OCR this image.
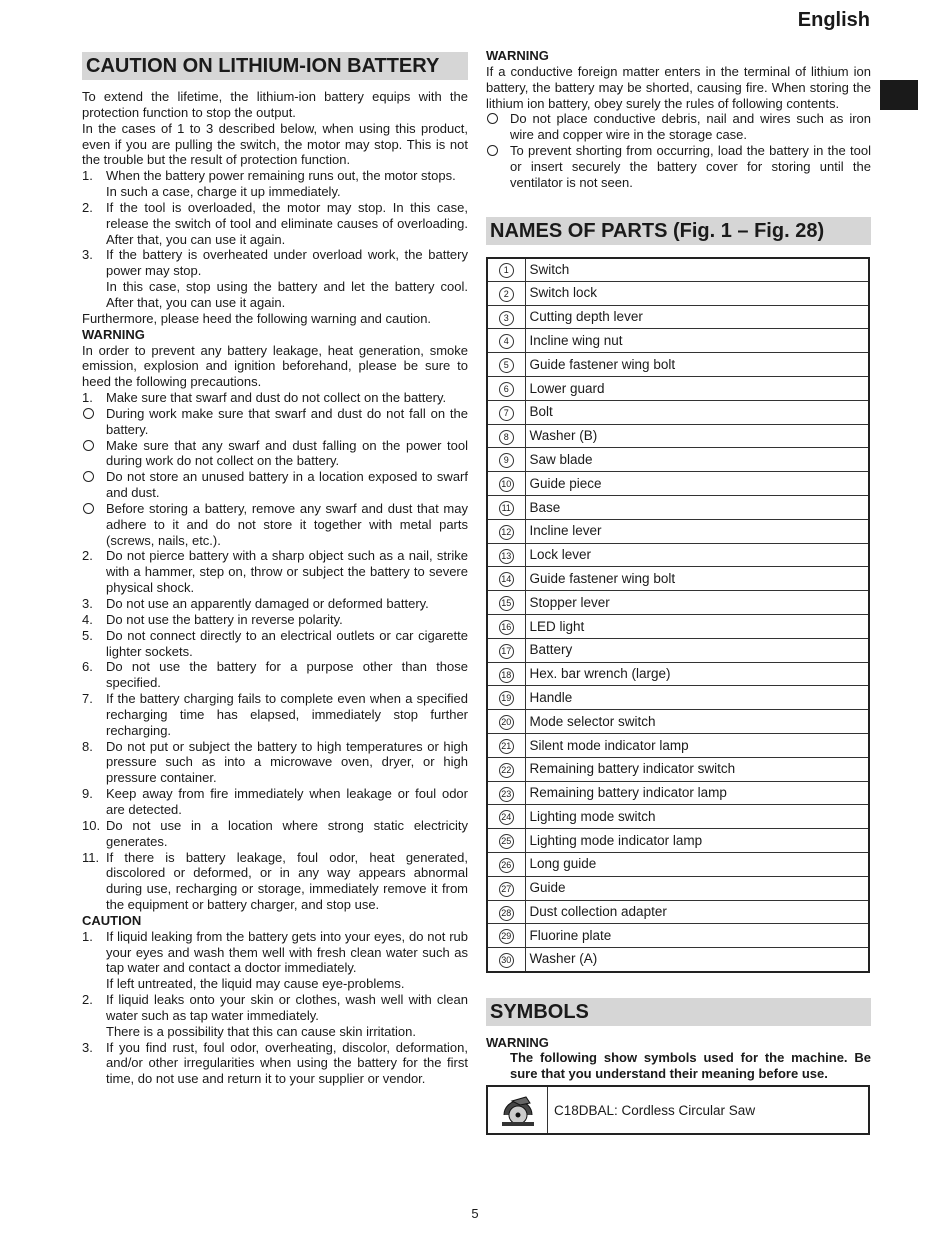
English
CAUTION ON LITHIUM-ION BATTERY
To extend the lifetime, the lithium-ion battery equips with the protection function to stop the output.
In the cases of 1 to 3 described below, when using this product, even if you are pulling the switch, the motor may stop. This is not the trouble but the result of protection function.
1.	When the battery power remaining runs out, the motor stops.
In such a case, charge it up immediately.
2.	If the tool is overloaded, the motor may stop. In this case, release the switch of tool and eliminate causes of overloading. After that, you can use it again.
3.	If the battery is overheated under overload work, the battery power may stop.
In this case, stop using the battery and let the battery cool. After that, you can use it again.
Furthermore, please heed the following warning and caution.
WARNING
In order to prevent any battery leakage, heat generation, smoke emission, explosion and ignition beforehand, please be sure to heed the following precautions.
1.	Make sure that swarf and dust do not collect on the battery.
During work make sure that swarf and dust do not fall on the battery.
Make sure that any swarf and dust falling on the power tool during work do not collect on the battery.
Do not store an unused battery in a location exposed to swarf and dust.
Before storing a battery, remove any swarf and dust that may adhere to it and do not store it together with metal parts (screws, nails, etc.).
2.	Do not pierce battery with a sharp object such as a nail, strike with a hammer, step on, throw or subject the battery to severe physical shock.
3.	Do not use an apparently damaged or deformed battery.
4.	Do not use the battery in reverse polarity.
5.	Do not connect directly to an electrical outlets or car cigarette lighter sockets.
6.	Do not use the battery for a purpose other than those specified.
7.	If the battery charging fails to complete even when a specified recharging time has elapsed, immediately stop further recharging.
8.	Do not put or subject the battery to high temperatures or high pressure such as into a microwave oven, dryer, or high pressure container.
9.	Keep away from fire immediately when leakage or foul odor are detected.
10. Do not use in a location where strong static electricity generates.
11. If there is battery leakage, foul odor, heat generated, discolored or deformed, or in any way appears abnormal during use, recharging or storage, immediately remove it from the equipment or battery charger, and stop use.
CAUTION
1.	If liquid leaking from the battery gets into your eyes, do not rub your eyes and wash them well with fresh clean water such as tap water and contact a doctor immediately.
If left untreated, the liquid may cause eye-problems.
2.	If liquid leaks onto your skin or clothes, wash well with clean water such as tap water immediately.
There is a possibility that this can cause skin irritation.
3.	If you find rust, foul odor, overheating, discolor, deformation, and/or other irregularities when using the battery for the first time, do not use and return it to your supplier or vendor.
WARNING
If a conductive foreign matter enters in the terminal of lithium ion battery, the battery may be shorted, causing fire. When storing the lithium ion battery, obey surely the rules of following contents.
Do not place conductive debris, nail and wires such as iron wire and copper wire in the storage case.
To prevent shorting from occurring, load the battery in the tool or insert securely the battery cover for storing until the ventilator is not seen.
NAMES OF PARTS (Fig. 1 – Fig. 28)
1	Switch
2	Switch lock
3	Cutting depth lever
4	Incline wing nut
5	Guide fastener wing bolt
6	Lower guard
7	Bolt
8	Washer (B)
9	Saw blade
10	Guide piece
11	Base
12	Incline lever
13	Lock lever
14	Guide fastener wing bolt
15	Stopper lever
16	LED light
17	Battery
18	Hex. bar wrench (large)
19	Handle
20	Mode selector switch
21	Silent mode indicator lamp
22	Remaining battery indicator switch
23	Remaining battery indicator lamp
24	Lighting mode switch
25	Lighting mode indicator lamp
26	Long guide
27	Guide
28	Dust collection adapter
29	Fluorine plate
30	Washer (A)
SYMBOLS
WARNING
The following show symbols used for the machine. Be sure that you understand their meaning before use.
C18DBAL: Cordless Circular Saw
5
